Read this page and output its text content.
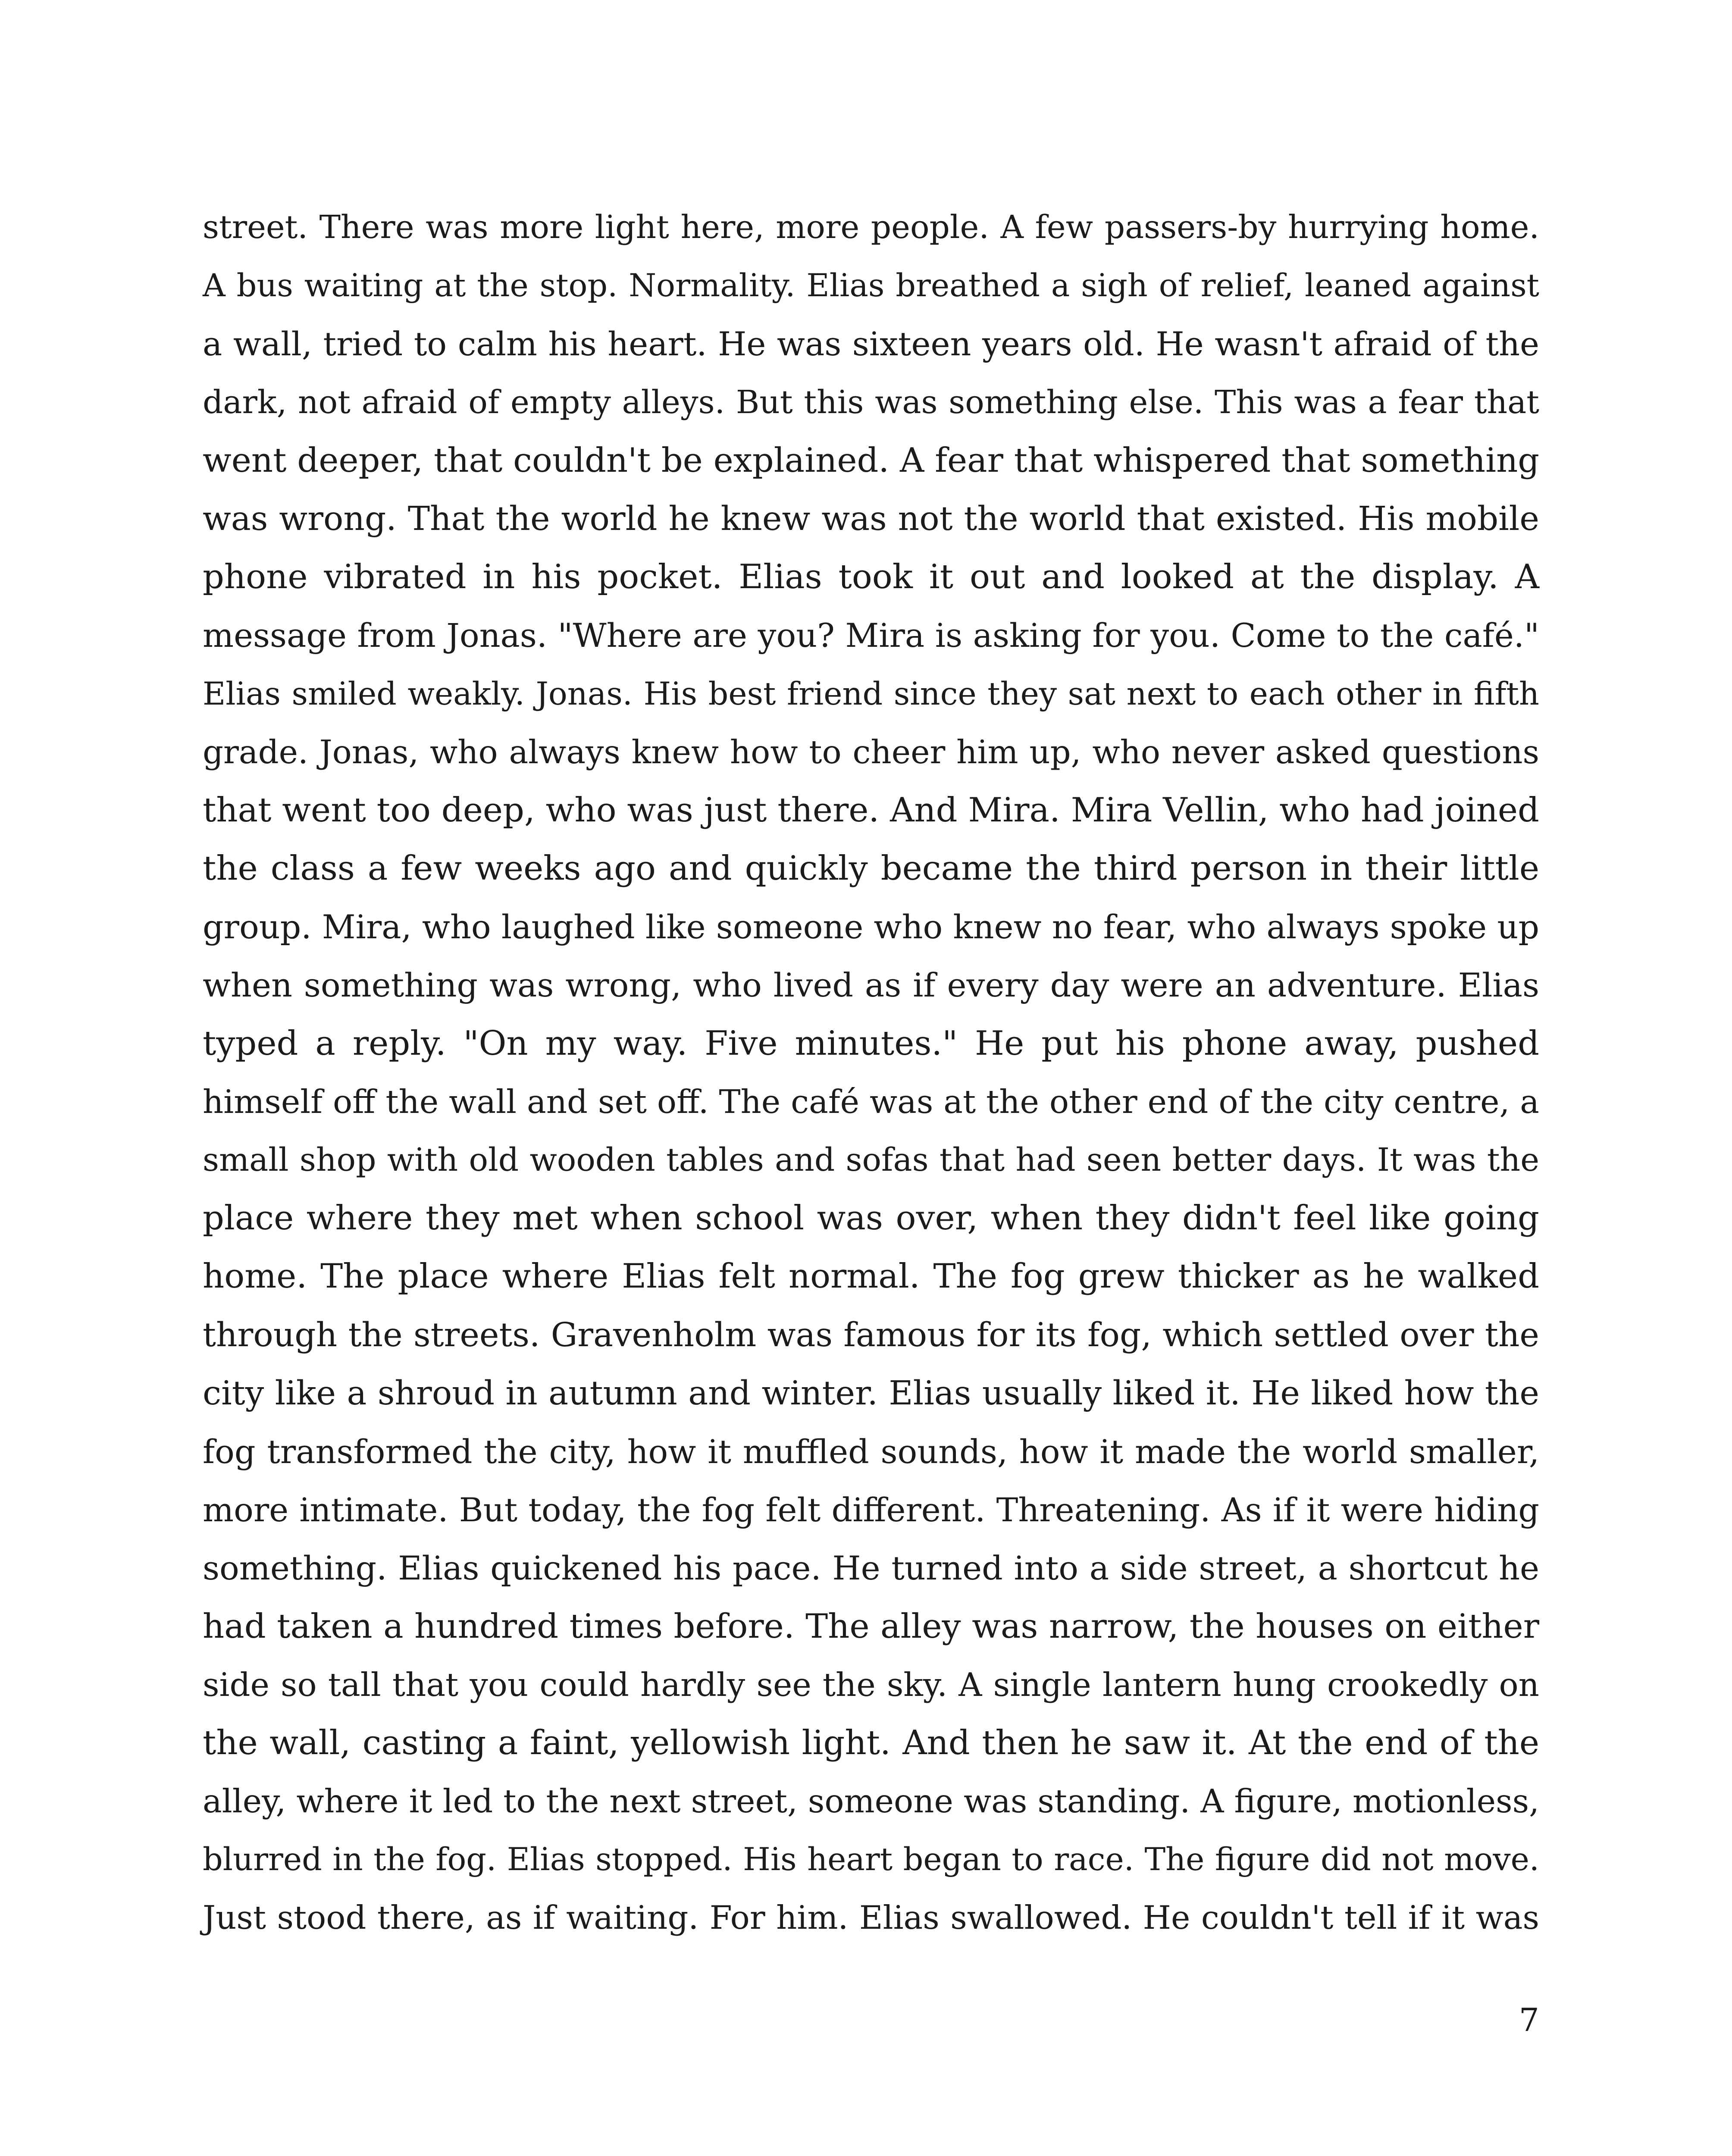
street. There was more light here, more people. A few passers-by hurrying home.
A bus waiting at the stop. Normality. Elias breathed a sigh of relief, leaned against
a wall, tried to calm his heart. He was sixteen years old. He wasn't afraid of the
dark, not afraid of empty alleys. But this was something else. This was a fear that
went deeper, that couldn't be explained. A fear that whispered that something
was wrong. That the world he knew was not the world that existed. His mobile
phone vibrated in his pocket. Elias took it out and looked at the display. A
message from Jonas. "Where are you? Mira is asking for you. Come to the café."
Elias smiled weakly. Jonas. His best friend since they sat next to each other in fifth
grade. Jonas, who always knew how to cheer him up, who never asked questions
that went too deep, who was just there. And Mira. Mira Vellin, who had joined
the class a few weeks ago and quickly became the third person in their little
group. Mira, who laughed like someone who knew no fear, who always spoke up
when something was wrong, who lived as if every day were an adventure. Elias
typed a reply. "On my way. Five minutes." He put his phone away, pushed
himself off the wall and set off. The café was at the other end of the city centre, a
small shop with old wooden tables and sofas that had seen better days. It was the
place where they met when school was over, when they didn't feel like going
home. The place where Elias felt normal. The fog grew thicker as he walked
through the streets. Gravenholm was famous for its fog, which settled over the
city like a shroud in autumn and winter. Elias usually liked it. He liked how the
fog transformed the city, how it muffled sounds, how it made the world smaller,
more intimate. But today, the fog felt different. Threatening. As if it were hiding
something. Elias quickened his pace. He turned into a side street, a shortcut he
had taken a hundred times before. The alley was narrow, the houses on either
side so tall that you could hardly see the sky. A single lantern hung crookedly on
the wall, casting a faint, yellowish light. And then he saw it. At the end of the
alley, where it led to the next street, someone was standing. A figure, motionless,
blurred in the fog. Elias stopped. His heart began to race. The figure did not move.
Just stood there, as if waiting. For him. Elias swallowed. He couldn't tell if it was
7
